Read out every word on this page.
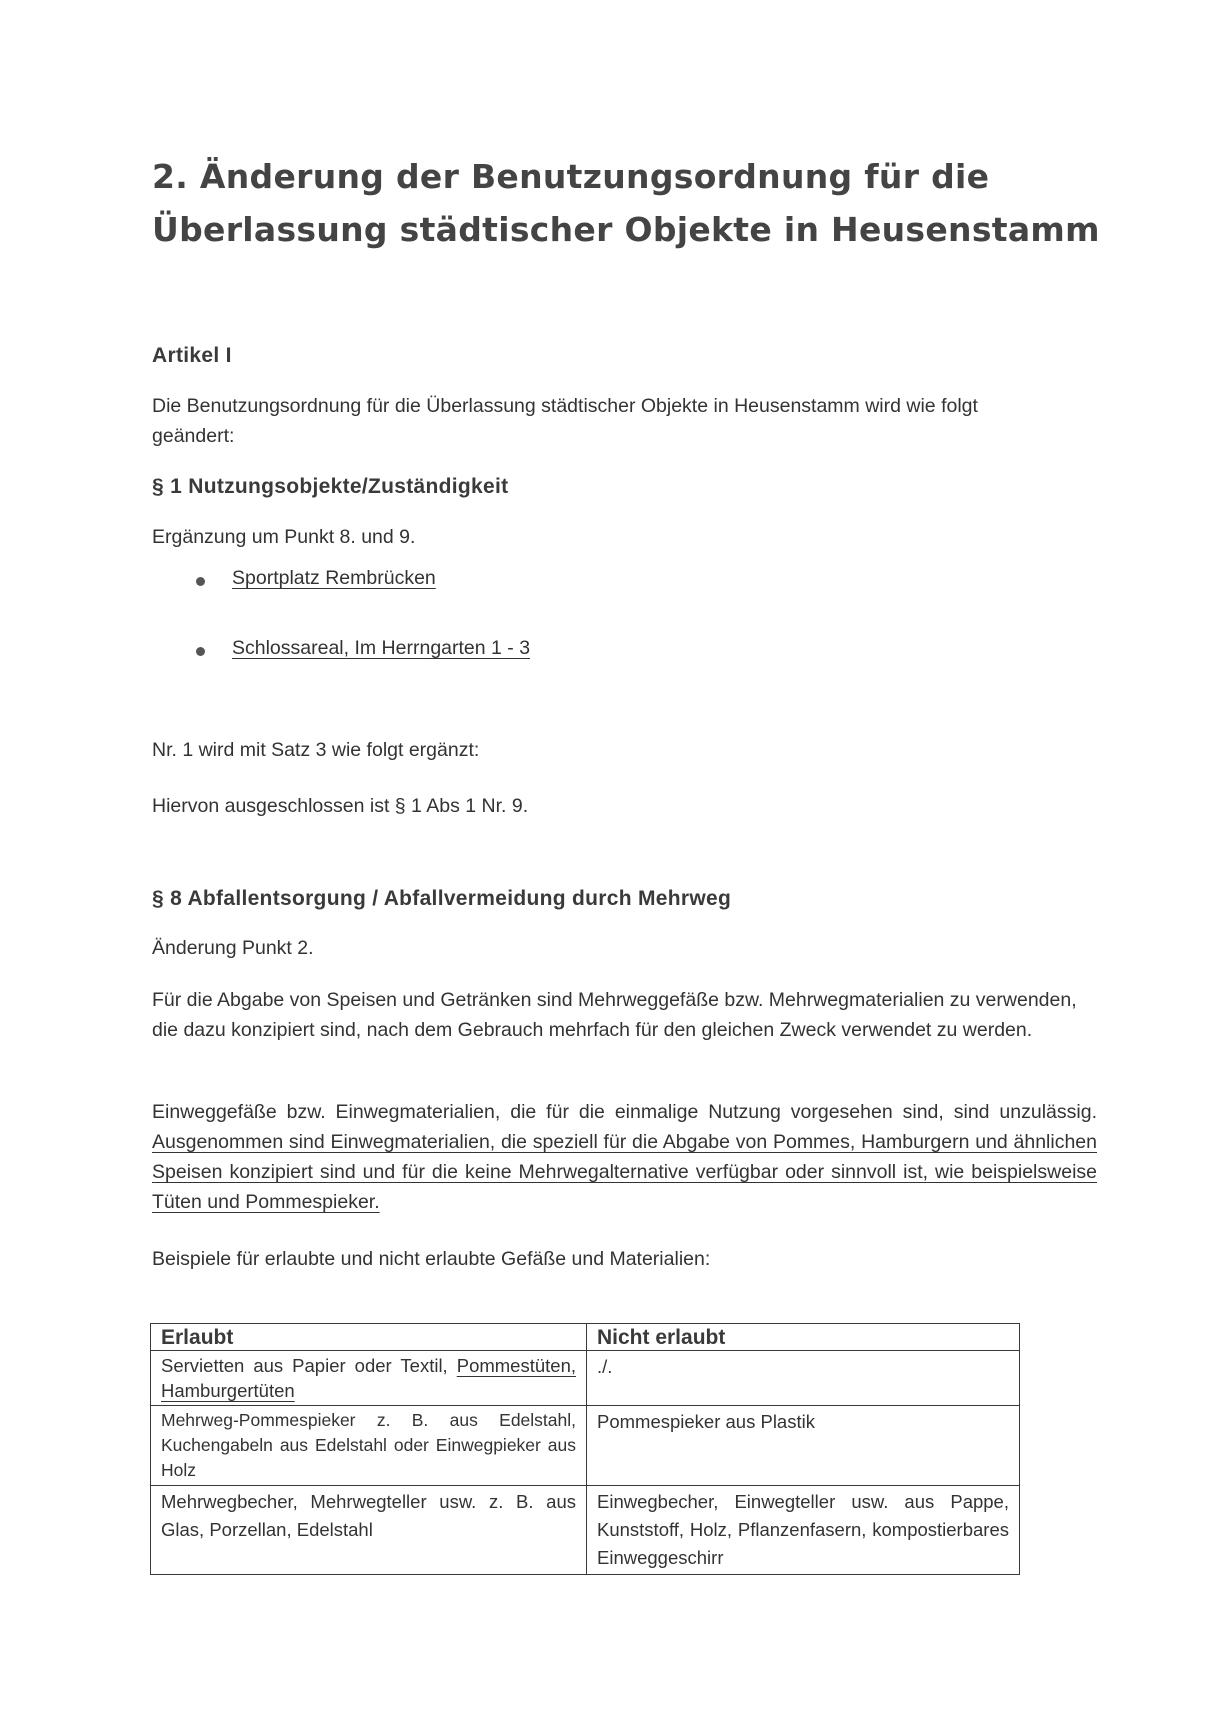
2. Änderung der Benutzungsordnung für die
Überlassung städtischer Objekte in Heusenstamm

Artikel I

Die Benutzungsordnung für die Überlassung städtischer Objekte in Heusenstamm wird wie folgt geändert:

§ 1 Nutzungsobjekte/Zuständigkeit

Ergänzung um Punkt 8. und 9.

Sportplatz Rembrücken
Schlossareal, Im Herrngarten 1 - 3

Nr. 1 wird mit Satz 3 wie folgt ergänzt:

Hiervon ausgeschlossen ist § 1 Abs 1 Nr. 9.

§ 8 Abfallentsorgung / Abfallvermeidung durch Mehrweg

Änderung Punkt 2.

Für die Abgabe von Speisen und Getränken sind Mehrweggefäße bzw. Mehrwegmaterialien zu verwenden, die dazu konzipiert sind, nach dem Gebrauch mehrfach für den gleichen Zweck verwendet zu werden.

Einweggefäße bzw. Einwegmaterialien, die für die einmalige Nutzung vorgesehen sind, sind unzulässig. Ausgenommen sind Einwegmaterialien, die speziell für die Abgabe von Pommes, Hamburgern und ähnlichen Speisen konzipiert sind und für die keine Mehrwegalternative verfügbar oder sinnvoll ist, wie beispielsweise Tüten und Pommespieker.

Beispiele für erlaubte und nicht erlaubte Gefäße und Materialien:

Erlaubt	Nicht erlaubt
Servietten aus Papier oder Textil, Pommestüten, Hamburgertüten	./.
Mehrweg-Pommespieker z. B. aus Edelstahl, Kuchengabeln aus Edelstahl oder Einwegpieker aus Holz	Pommespieker aus Plastik
Mehrwegbecher, Mehrwegteller usw. z. B. aus Glas, Porzellan, Edelstahl	Einwegbecher, Einwegteller usw. aus Pappe, Kunststoff, Holz, Pflanzenfasern, kompostierbares Einweggeschirr
